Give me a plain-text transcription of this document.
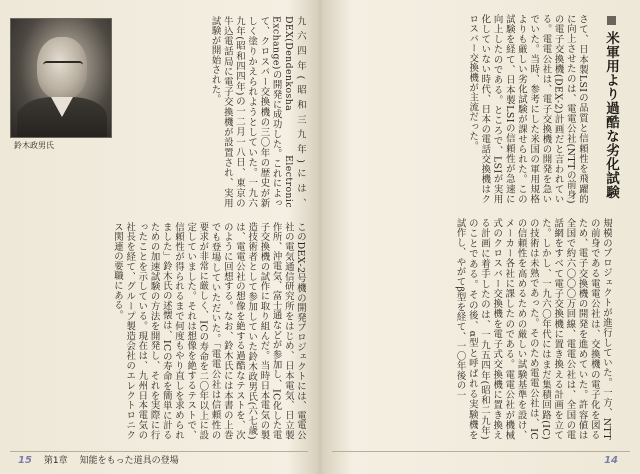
鈴木政男氏	九六四年(昭和三九年)には、DEX(Dendenkosha Electronic Exchange)の開発に成功した。これによって、クロスバー交換機の三〇年の歴史が新しく塗りかえられようとしていた。一九六九年(昭和四四年)の一二月一八日、東京の牛込電話局に電子交換機が設置され、実用試験が開始された。
このDEX-2号機の開発プロジェクトには、電電公社の電気通信研究所をはじめ、日本電気、日立製作所、沖電気、富士通などが参加し、IC化した電子交換機の試作に取り組んだ。当時日本電気の製造技術者として参加していた鈴木政男氏(六七歳)は、電電公社の想像を絶する過酷なテストを、次のように回想する。なお、鈴木氏には本書の上巻でも登場していただいた。「電電公社は信頼性の要求が非常に厳しく、ICの寿命を二〇年以上に設定していました。それは想像を絶するテストで、信頼性が得られるまで何度もやり直しを求められました」鈴木氏の述懐は、ICの寿命を簡単に計るための加速試験の方法を開発し、それを実際に行ったことを示している。現在は、九州日本電気の社長を経て、グループ製造会社のエレクトロニクス関連の要職にある。
15 第1章 知能をもった道具の登場
米軍用より過酷な劣化試験
さて、日本製LSIの品質と信頼性を飛躍的に向上させたのは、電電公社(NTTの前身)の電子交換機(DEX-2)計画だと言われている。電電公社は、電子交換機の開発を急いでいた。当時、参考にした米国の軍用規格よりも厳しい劣化試験が課せられた。この試験を経て、日本製LSIの信頼性が急速に向上したのである。ところで、LSIが実用化していない時代、日本の電話交換機はクロスバー交換機が主流だった。
規模のプロジェクトが進行していた。一方、NTTの前身である電電公社は、交換機の電子化を図るため、電子交換機の開発を進めていた。許容値は全国で約六〇〇〇万回線、電電公社は、全国の電話網をすべて電子交換機に置き換える計画を立てた。しかし、一九六〇年代にはまだ集積回路(IC)の技術は未熟であった。そのため電電公社は、ICの信頼性を高めるための厳しい試験基準を設け、メーカー各社に課したのである。電電公社が機械式のクロスバー交換機を電子式交換機に置き換える計画に着手したのは、一九五四年(昭和二九年)のことである。その後、α型と呼ばれる実験機を試作し、やがてβ型を経て、一〇年後の一
14
